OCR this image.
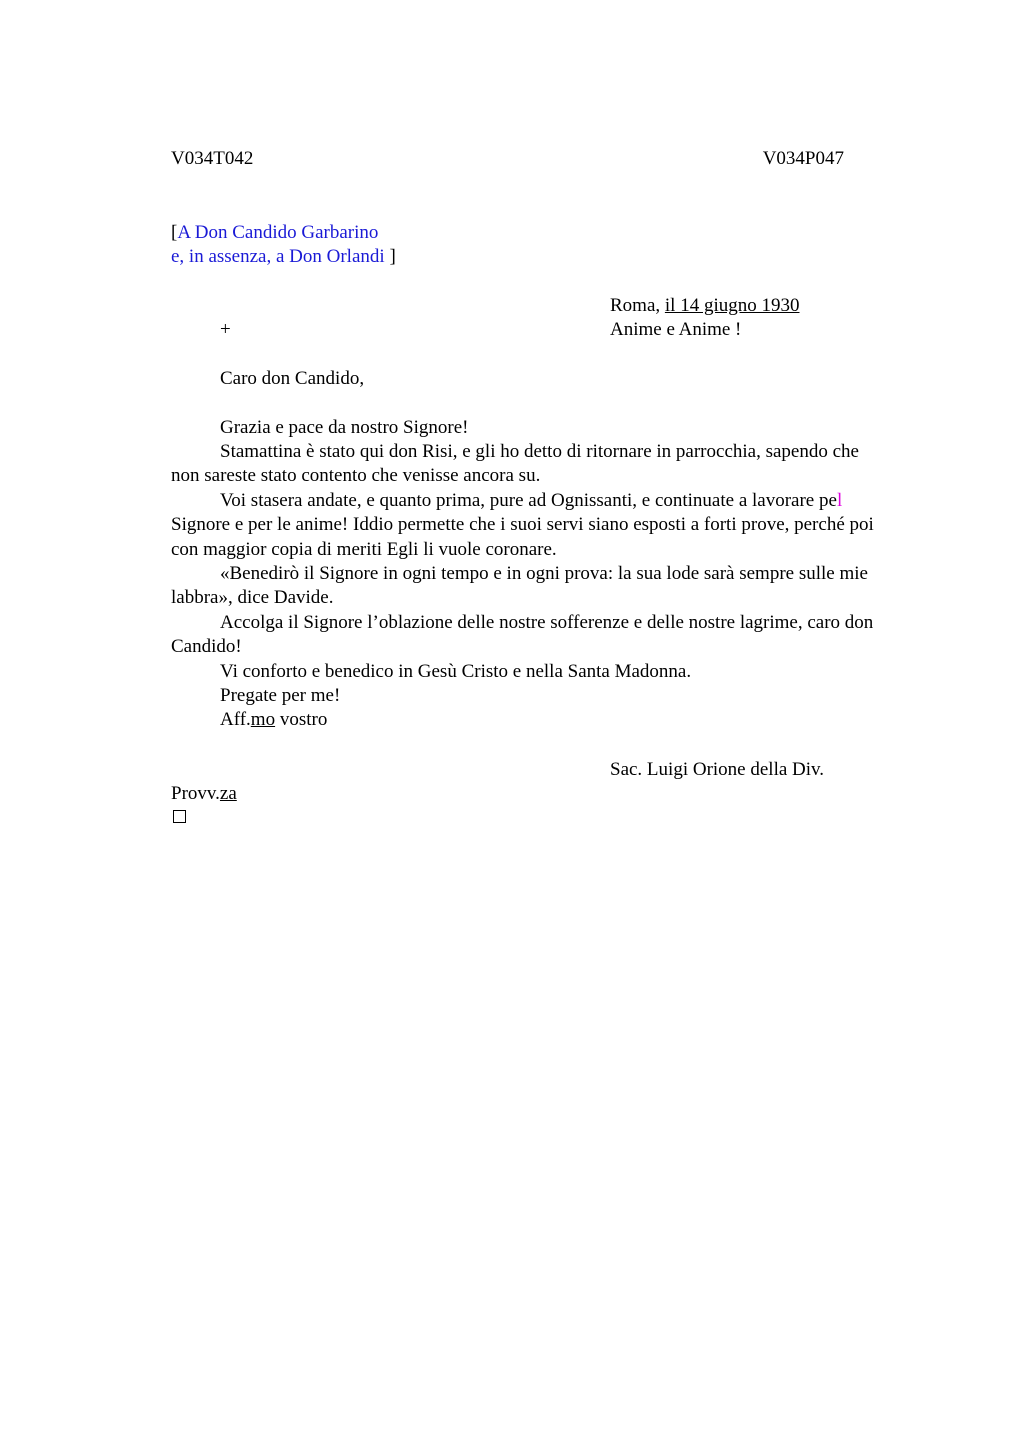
V034T042	V034P047
[A Don Candido Garbarino
e, in assenza, a Don Orlandi ]
Roma, il 14 giugno 1930
+	Anime e Anime !
Caro don Candido,
Grazia e pace da nostro Signore!
Stamattina è stato qui don Risi, e gli ho detto di ritornare in parrocchia, sapendo che non sareste stato contento che venisse ancora su.
Voi stasera andate, e quanto prima, pure ad Ognissanti, e continuate a lavorare pel Signore e per le anime! Iddio permette che i suoi servi siano esposti a forti prove, perché poi con maggior copia di meriti Egli li vuole coronare.
«Benedirò il Signore in ogni tempo e in ogni prova: la sua lode sarà sempre sulle mie labbra», dice Davide.
Accolga il Signore l’oblazione delle nostre sofferenze e delle nostre lagrime, caro don Candido!
Vi conforto e benedico in Gesù Cristo e nella Santa Madonna.
Pregate per me!
Aff.mo vostro
Sac. Luigi Orione della Div.
Provv.za
